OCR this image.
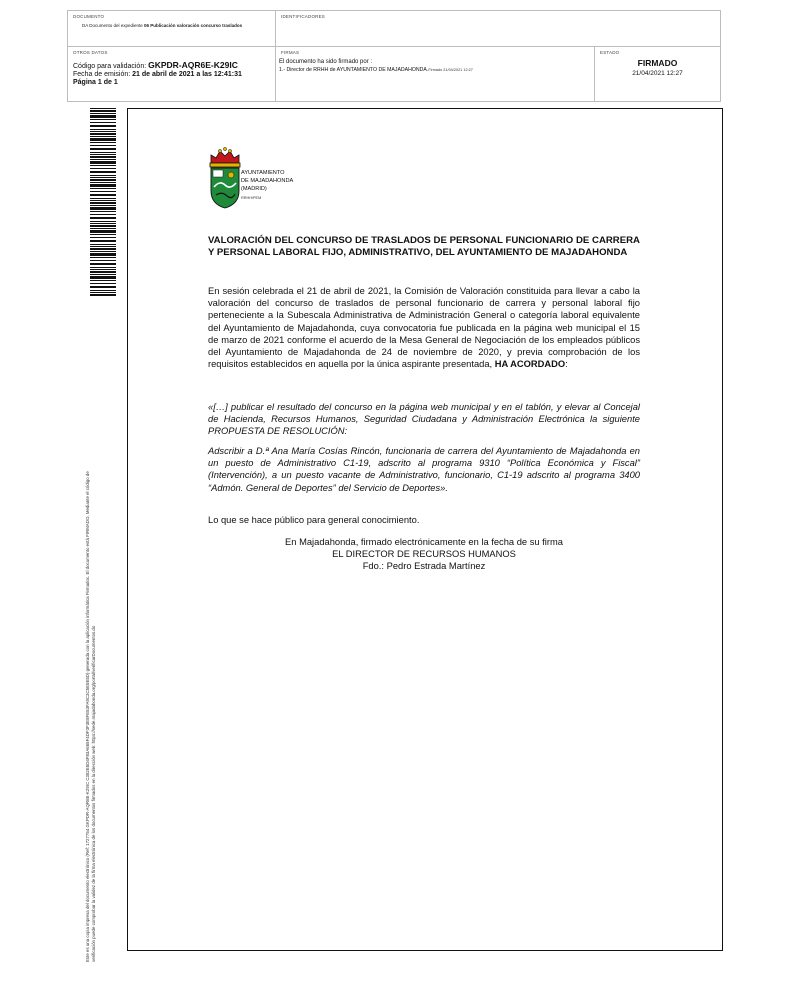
DOCUMENTO
DA Documento del expediente 06 Publicación valoración concurso traslados
IDENTIFICADORES
OTROS DATOS
Código para validación: GKPDR-AQR6E-K29IC
Fecha de emisión: 21 de abril de 2021 a las 12:41:31
Página 1 de 1
FIRMAS
El documento ha sido firmado por :
1.- Director de RRHH de AYUNTAMIENTO DE MAJADAHONDA.Firmado 21/04/2021 12:27
ESTADO
FIRMADO
21/04/2021 12:27
Este es una copia impresa del documento electrónico (Ref: 1727754 GKPDR-AQR6E-K29IC C352E5D4F83A665F4DF3F3E5FE53FA9C3C5E5E5D) generada con la aplicación informática Firmadoc. El documento está FIRMADO. Mediante el código de verificación puede comprobar la validez de la firma electrónica de los documentos firmados en la dirección web: https://sede.majadahonda.org/portal/verificarDocumentos.do
AYUNTAMIENTO
DE MAJADAHONDA
(MADRID)
RRHH/PEM
VALORACIÓN DEL CONCURSO DE TRASLADOS DE PERSONAL FUNCIONARIO DE CARRERA Y PERSONAL LABORAL FIJO, ADMINISTRATIVO, DEL AYUNTAMIENTO DE MAJADAHONDA
En sesión celebrada el 21 de abril de 2021, la Comisión de Valoración constituida para llevar a cabo la valoración del concurso de traslados de personal funcionario de carrera y personal laboral fijo perteneciente a la Subescala Administrativa de Administración General o categoría laboral equivalente del Ayuntamiento de Majadahonda, cuya convocatoria fue publicada en la página web municipal el 15 de marzo de 2021 conforme el acuerdo de la Mesa General de Negociación de los empleados públicos del Ayuntamiento de Majadahonda de 24 de noviembre de 2020, y previa comprobación de los requisitos establecidos en aquella por la única aspirante presentada, HA ACORDADO:
«[…] publicar el resultado del concurso en la página web municipal y en el tablón, y elevar al Concejal de Hacienda, Recursos Humanos, Seguridad Ciudadana y Administración Electrónica la siguiente PROPUESTA DE RESOLUCIÓN:
Adscribir a D.ª Ana María Cosías Rincón, funcionaria de carrera del Ayuntamiento de Majadahonda en un puesto de Administrativo C1-19, adscrito al programa 9310 “Política Económica y Fiscal” (Intervención), a un puesto vacante de Administrativo, funcionario, C1-19 adscrito al programa 3400 “Admón. General de Deportes” del Servicio de Deportes».
Lo que se hace público para general conocimiento.
En Majadahonda, firmado electrónicamente en la fecha de su firma
EL DIRECTOR DE RECURSOS HUMANOS
Fdo.: Pedro Estrada Martínez
